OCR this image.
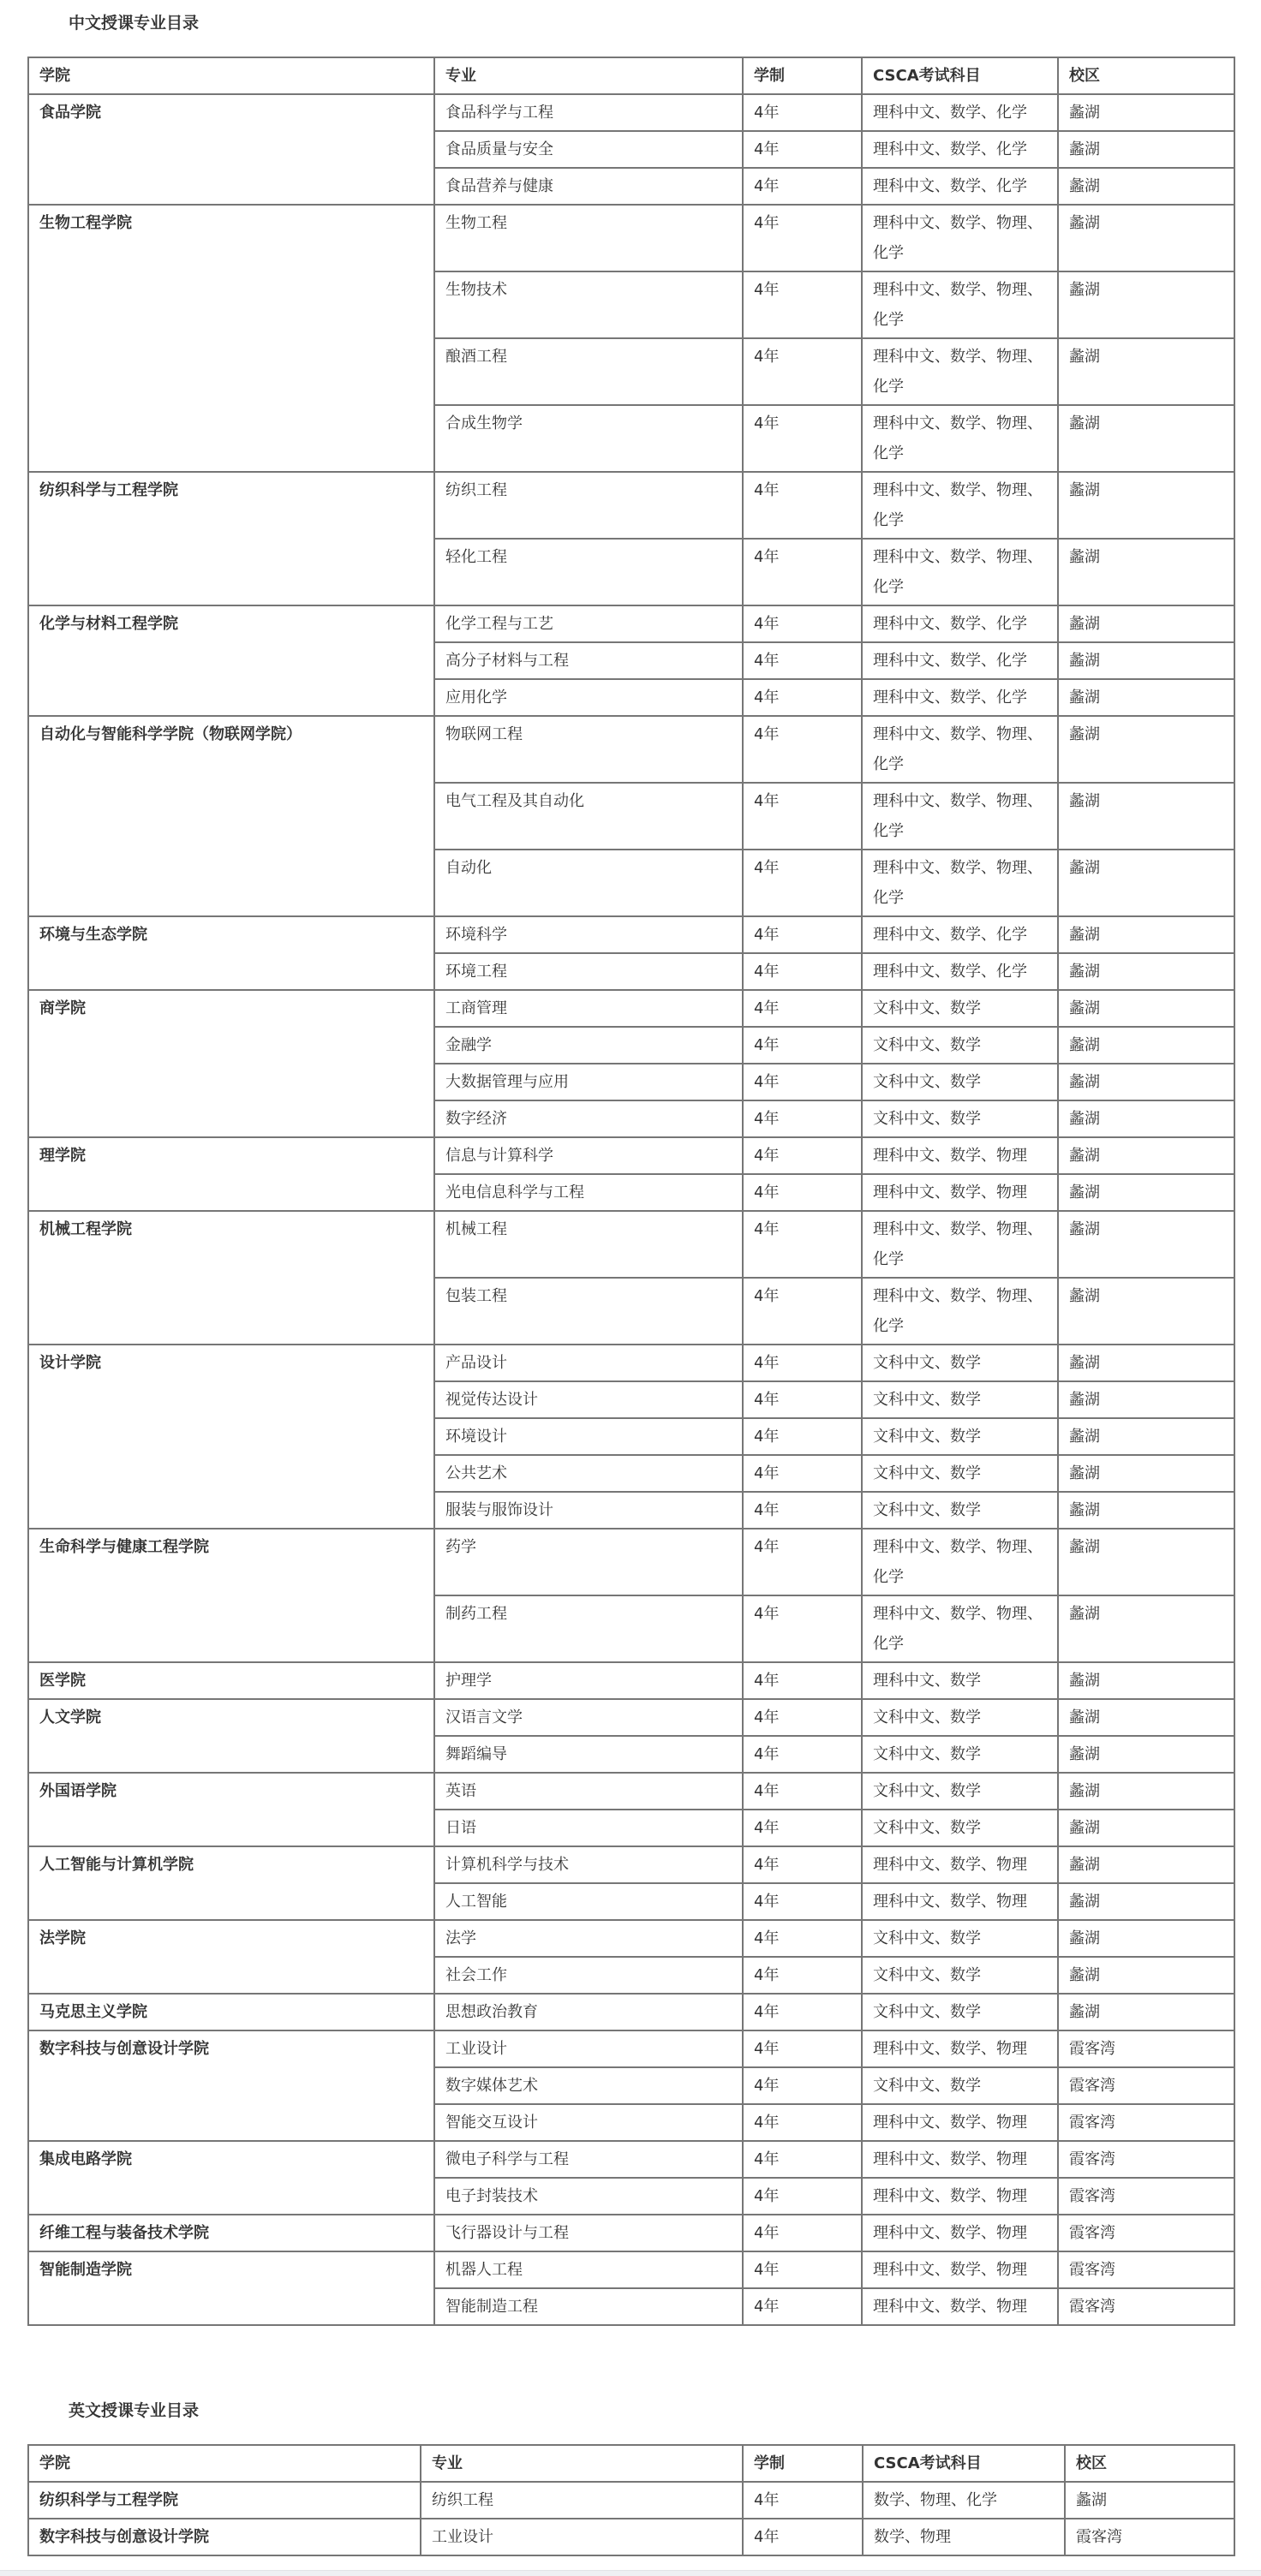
中文授课专业目录
学院	专业	学制	CSCA考试科目	校区
食品学院	食品科学与工程	4年	理科中文、数学、化学	蠡湖
	食品质量与安全	4年	理科中文、数学、化学	蠡湖
	食品营养与健康	4年	理科中文、数学、化学	蠡湖
生物工程学院	生物工程	4年	理科中文、数学、物理、化学	蠡湖
	生物技术	4年	理科中文、数学、物理、化学	蠡湖
	酿酒工程	4年	理科中文、数学、物理、化学	蠡湖
	合成生物学	4年	理科中文、数学、物理、化学	蠡湖
纺织科学与工程学院	纺织工程	4年	理科中文、数学、物理、化学	蠡湖
	轻化工程	4年	理科中文、数学、物理、化学	蠡湖
化学与材料工程学院	化学工程与工艺	4年	理科中文、数学、化学	蠡湖
	高分子材料与工程	4年	理科中文、数学、化学	蠡湖
	应用化学	4年	理科中文、数学、化学	蠡湖
自动化与智能科学学院（物联网学院）	物联网工程	4年	理科中文、数学、物理、化学	蠡湖
	电气工程及其自动化	4年	理科中文、数学、物理、化学	蠡湖
	自动化	4年	理科中文、数学、物理、化学	蠡湖
环境与生态学院	环境科学	4年	理科中文、数学、化学	蠡湖
	环境工程	4年	理科中文、数学、化学	蠡湖
商学院	工商管理	4年	文科中文、数学	蠡湖
	金融学	4年	文科中文、数学	蠡湖
	大数据管理与应用	4年	文科中文、数学	蠡湖
	数字经济	4年	文科中文、数学	蠡湖
理学院	信息与计算科学	4年	理科中文、数学、物理	蠡湖
	光电信息科学与工程	4年	理科中文、数学、物理	蠡湖
机械工程学院	机械工程	4年	理科中文、数学、物理、化学	蠡湖
	包装工程	4年	理科中文、数学、物理、化学	蠡湖
设计学院	产品设计	4年	文科中文、数学	蠡湖
	视觉传达设计	4年	文科中文、数学	蠡湖
	环境设计	4年	文科中文、数学	蠡湖
	公共艺术	4年	文科中文、数学	蠡湖
	服装与服饰设计	4年	文科中文、数学	蠡湖
生命科学与健康工程学院	药学	4年	理科中文、数学、物理、化学	蠡湖
	制药工程	4年	理科中文、数学、物理、化学	蠡湖
医学院	护理学	4年	理科中文、数学	蠡湖
人文学院	汉语言文学	4年	文科中文、数学	蠡湖
	舞蹈编导	4年	文科中文、数学	蠡湖
外国语学院	英语	4年	文科中文、数学	蠡湖
	日语	4年	文科中文、数学	蠡湖
人工智能与计算机学院	计算机科学与技术	4年	理科中文、数学、物理	蠡湖
	人工智能	4年	理科中文、数学、物理	蠡湖
法学院	法学	4年	文科中文、数学	蠡湖
	社会工作	4年	文科中文、数学	蠡湖
马克思主义学院	思想政治教育	4年	文科中文、数学	蠡湖
数字科技与创意设计学院	工业设计	4年	理科中文、数学、物理	霞客湾
	数字媒体艺术	4年	文科中文、数学	霞客湾
	智能交互设计	4年	理科中文、数学、物理	霞客湾
集成电路学院	微电子科学与工程	4年	理科中文、数学、物理	霞客湾
	电子封装技术	4年	理科中文、数学、物理	霞客湾
纤维工程与装备技术学院	飞行器设计与工程	4年	理科中文、数学、物理	霞客湾
智能制造学院	机器人工程	4年	理科中文、数学、物理	霞客湾
	智能制造工程	4年	理科中文、数学、物理	霞客湾
英文授课专业目录
学院	专业	学制	CSCA考试科目	校区
纺织科学与工程学院	纺织工程	4年	数学、物理、化学	蠡湖
数字科技与创意设计学院	工业设计	4年	数学、物理	霞客湾
